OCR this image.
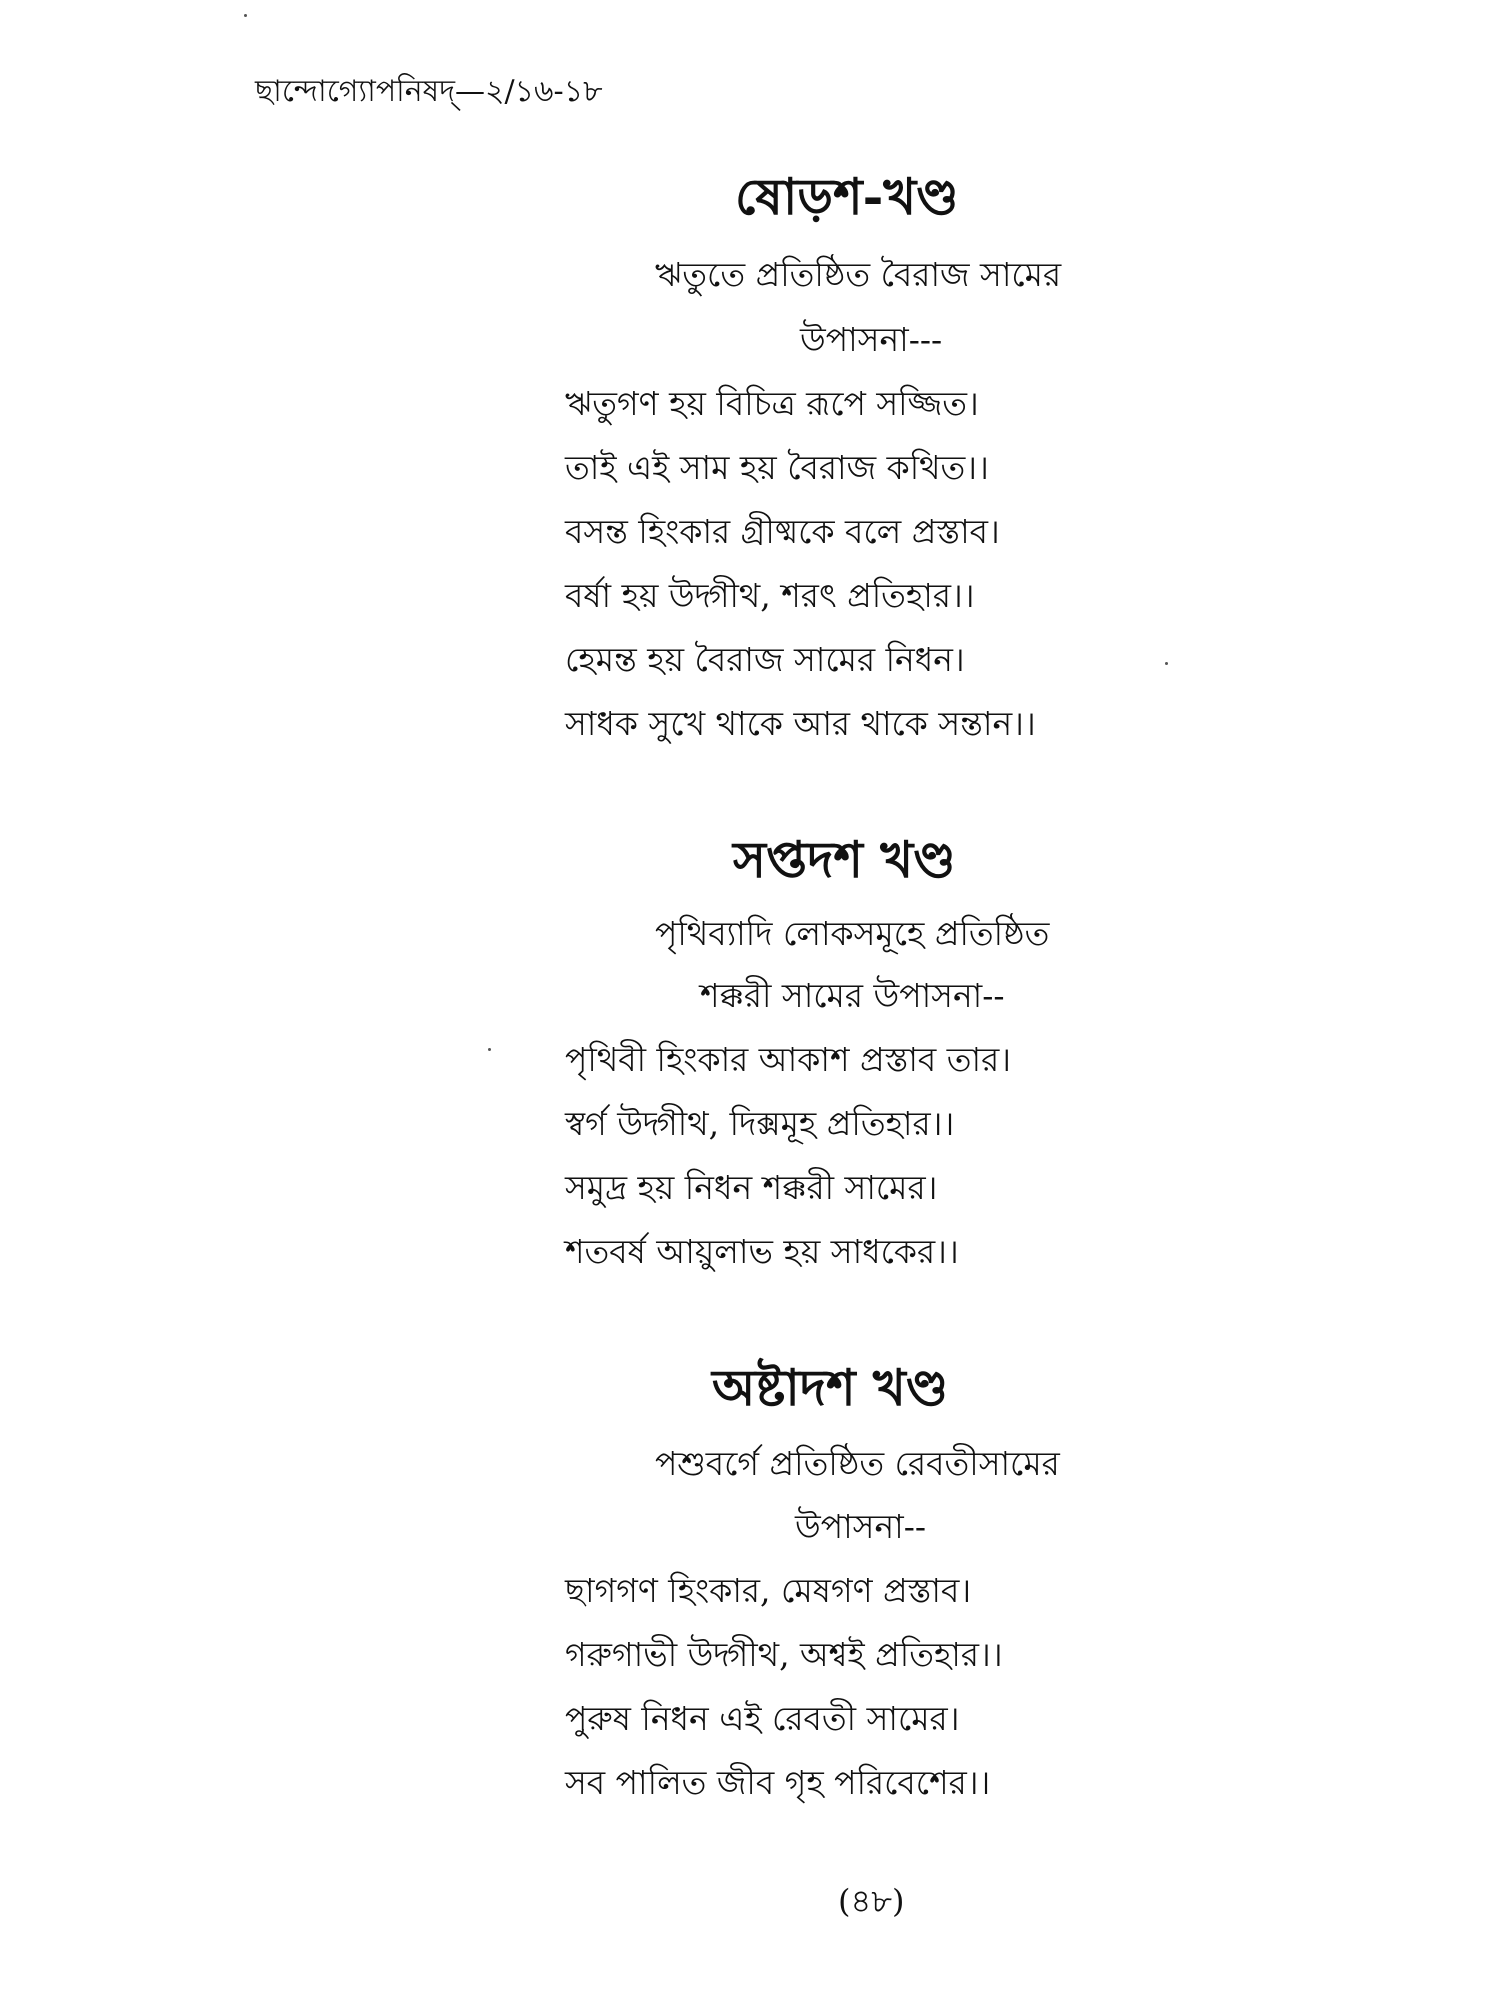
ছান্দোগ্যোপনিষদ্—২/১৬-১৮
ষোড়শ-খণ্ড
ঋতুতে প্রতিষ্ঠিত বৈরাজ সামের
উপাসনা---
ঋতুগণ হয় বিচিত্র রূপে সজ্জিত।
তাই এই সাম হয় বৈরাজ কথিত।।
বসন্ত হিংকার গ্রীষ্মকে বলে প্রস্তাব।
বর্ষা হয় উদ্গীথ, শরৎ প্রতিহার।।
হেমন্ত হয় বৈরাজ সামের নিধন।
সাধক সুখে থাকে আর থাকে সন্তান।।
সপ্তদশ খণ্ড
পৃথিব্যাদি লোকসমূহে প্রতিষ্ঠিত
শক্করী সামের উপাসনা--
পৃথিবী হিংকার আকাশ প্রস্তাব তার।
স্বর্গ উদ্গীথ, দিক্সমূহ প্রতিহার।।
সমুদ্র হয় নিধন শক্করী সামের।
শতবর্ষ আয়ুলাভ হয় সাধকের।।
অষ্টাদশ খণ্ড
পশুবর্গে প্রতিষ্ঠিত রেবতীসামের
উপাসনা--
ছাগগণ হিংকার, মেষগণ প্রস্তাব।
গরুগাভী উদ্গীথ, অশ্বই প্রতিহার।।
পুরুষ নিধন এই রেবতী সামের।
সব পালিত জীব গৃহ পরিবেশের।।
(৪৮)
